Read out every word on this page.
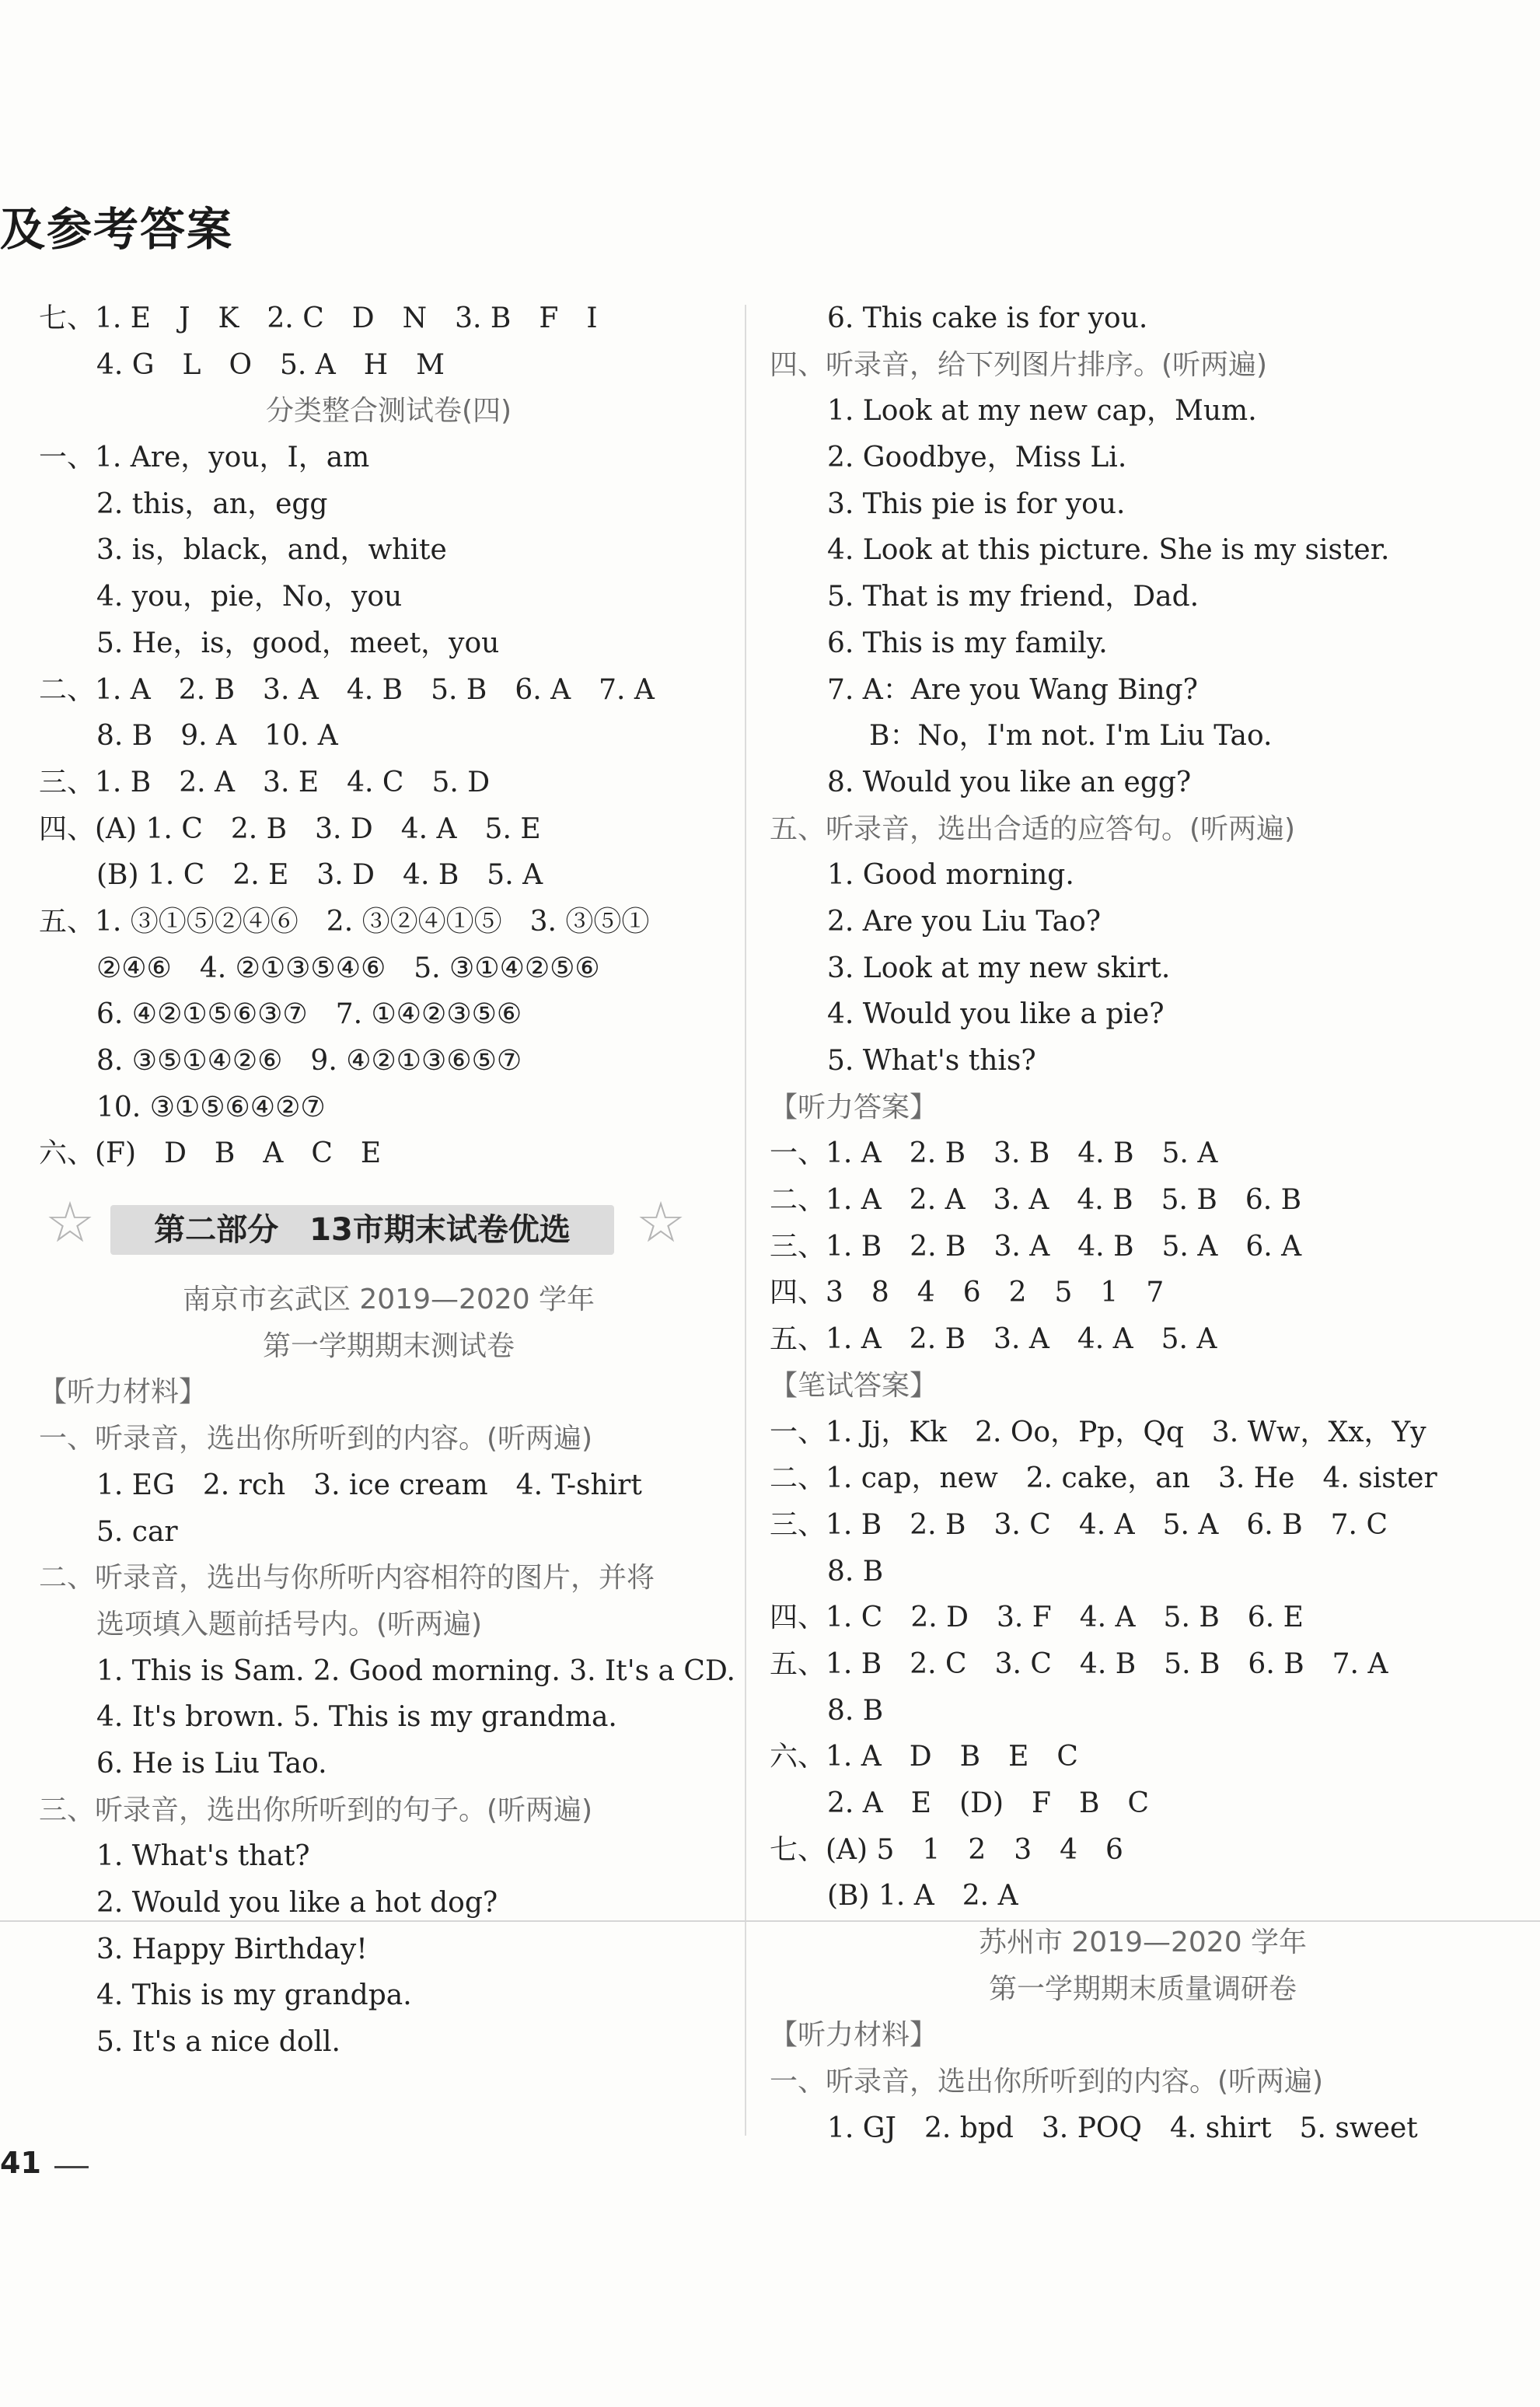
及参考答案
七、1. E　J　K　2. C　D　N　3. B　F　I
4. G　L　O　5. A　H　M
分类整合测试卷(四)
一、1. Are，you，I，am
2. this，an，egg
3. is，black，and，white
4. you，pie，No，you
5. He，is，good，meet，you
二、1. A　2. B　3. A　4. B　5. B　6. A　7. A
8. B　9. A　10. A
三、1. B　2. A　3. E　4. C　5. D
四、(A) 1. C　2. B　3. D　4. A　5. E
(B) 1. C　2. E　3. D　4. B　5. A
五、1. ③①⑤②④⑥　2. ③②④①⑤　3. ③⑤①
②④⑥　4. ②①③⑤④⑥　5. ③①④②⑤⑥
6. ④②①⑤⑥③⑦　7. ①④②③⑤⑥
8. ③⑤①④②⑥　9. ④②①③⑥⑤⑦
10. ③①⑤⑥④②⑦
六、(F)　D　B　A　C　E
☆	第二部分　13市期末试卷优选	☆
南京市玄武区 2019—2020 学年
第一学期期末测试卷
【听力材料】
一、听录音，选出你所听到的内容。(听两遍)
1. EG　2. rch　3. ice cream　4. T-shirt
5. car
二、听录音，选出与你所听内容相符的图片，并将
选项填入题前括号内。(听两遍)
1. This is Sam. 2. Good morning. 3. It's a CD.
4. It's brown. 5. This is my grandma.
6. He is Liu Tao.
三、听录音，选出你所听到的句子。(听两遍)
1. What's that?
2. Would you like a hot dog?
3. Happy Birthday!
4. This is my grandpa.
5. It's a nice doll.
6. This cake is for you.
四、听录音，给下列图片排序。(听两遍)
1. Look at my new cap，Mum.
2. Goodbye，Miss Li.
3. This pie is for you.
4. Look at this picture. She is my sister.
5. That is my friend，Dad.
6. This is my family.
7. A：Are you Wang Bing?
B：No，I'm not. I'm Liu Tao.
8. Would you like an egg?
五、听录音，选出合适的应答句。(听两遍)
1. Good morning.
2. Are you Liu Tao?
3. Look at my new skirt.
4. Would you like a pie?
5. What's this?
【听力答案】
一、1. A　2. B　3. B　4. B　5. A
二、1. A　2. A　3. A　4. B　5. B　6. B
三、1. B　2. B　3. A　4. B　5. A　6. A
四、3　8　4　6　2　5　1　7
五、1. A　2. B　3. A　4. A　5. A
【笔试答案】
一、1. Jj，Kk　2. Oo，Pp，Qq　3. Ww，Xx，Yy
二、1. cap，new　2. cake，an　3. He　4. sister
三、1. B　2. B　3. C　4. A　5. A　6. B　7. C
8. B
四、1. C　2. D　3. F　4. A　5. B　6. E
五、1. B　2. C　3. C　4. B　5. B　6. B　7. A
8. B
六、1. A　D　B　E　C
2. A　E　(D)　F　B　C
七、(A) 5　1　2　3　4　6
(B) 1. A　2. A
苏州市 2019—2020 学年
第一学期期末质量调研卷
【听力材料】
一、听录音，选出你所听到的内容。(听两遍)
1. GJ　2. bpd　3. POQ　4. shirt　5. sweet
41
